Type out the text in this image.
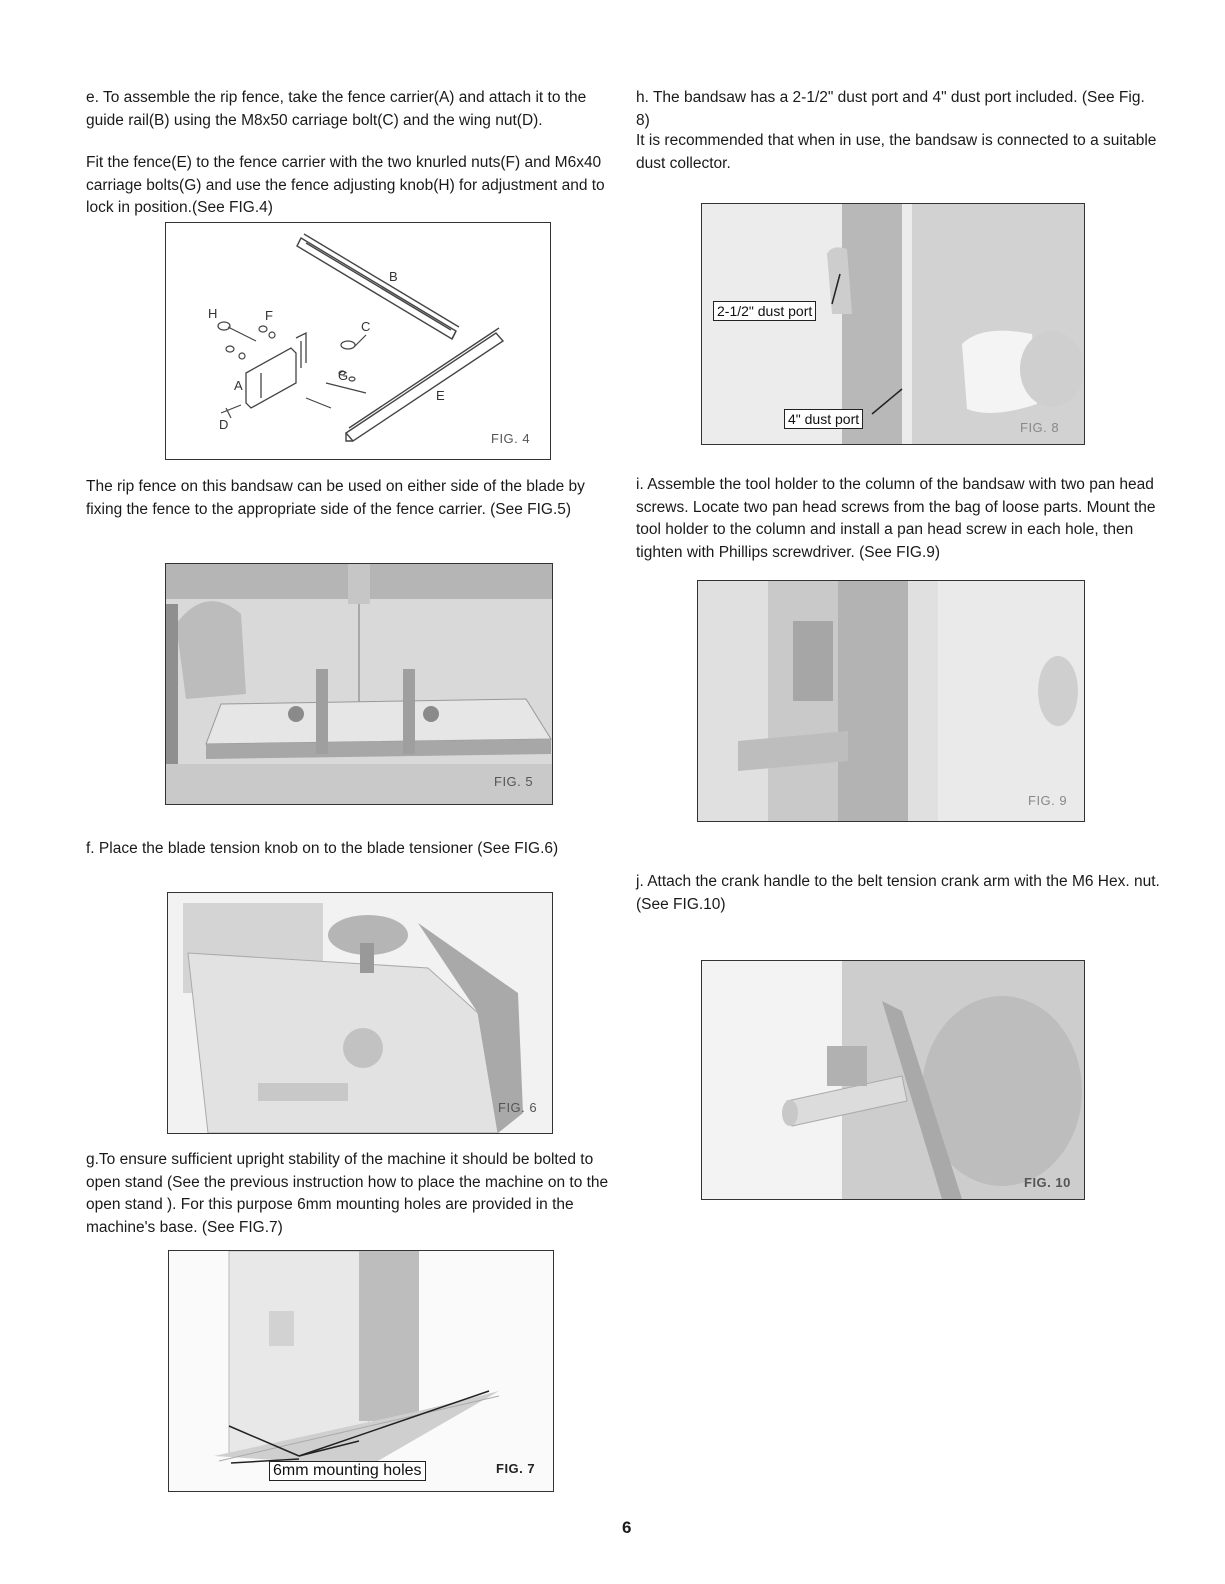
e. To assemble the rip fence, take the fence carrier(A) and attach it to the guide rail(B) using the M8x50 carriage bolt(C) and the wing nut(D).

Fit the fence(E) to the fence carrier with the two knurled nuts(F) and M6x40 carriage bolts(G) and use the fence adjusting knob(H) for adjustment and to lock in position.(See FIG.4)

B
H	F
C
G
A
E
D
FIG. 4

The rip fence on this bandsaw can be used on either side of the blade by fixing the fence to the appropriate side of the fence carrier. (See FIG.5)

FIG. 5

f. Place the blade tension knob on to the blade tensioner (See FIG.6)

FIG. 6

g.To ensure sufficient upright stability of the machine it should be bolted to open stand (See the previous instruction how to place the machine on to the open stand ). For this purpose 6mm mounting holes are provided in the machine's base. (See FIG.7)

6mm mounting holes	FIG. 7

h. The bandsaw has a 2-1/2" dust port and 4" dust port included. (See Fig. 8)

It is recommended that when in use, the bandsaw is connected to a suitable dust collector.

2-1/2" dust port
4" dust port
FIG. 8

i. Assemble the tool holder to the column of the bandsaw with two pan head screws. Locate two pan head screws from the bag of loose parts. Mount the tool holder to the column and install a pan head screw in each hole, then tighten with Phillips screwdriver. (See FIG.9)

FIG. 9

j. Attach the crank handle to the belt tension crank arm with the M6 Hex. nut. (See FIG.10)

FIG. 10
6
